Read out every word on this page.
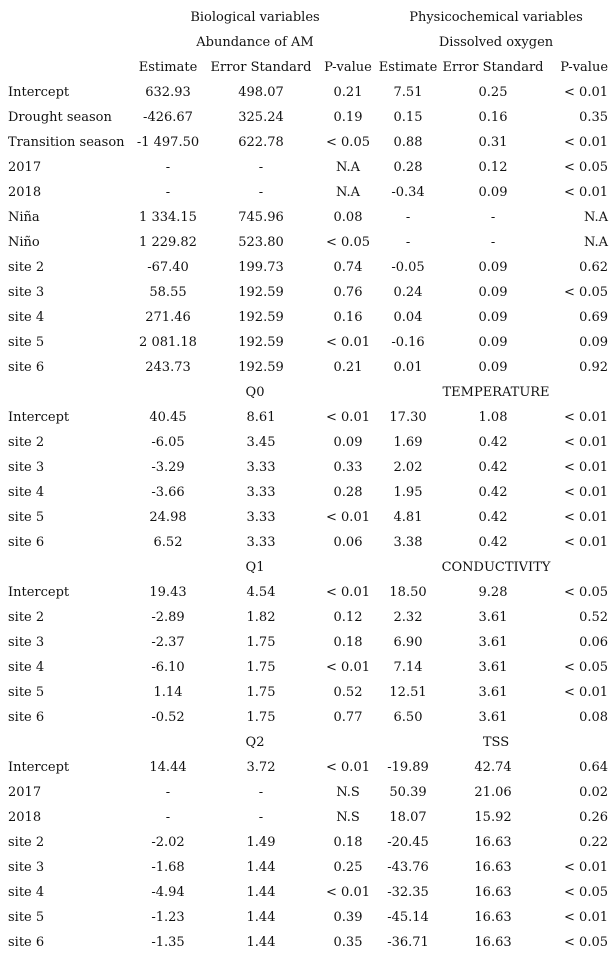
	Biological variables			Physicochemical variables		
	Abundance of AM			Dissolved oxygen		
	Estimate	Error Standard	P-value	Estimate	Error Standard	P-value
Intercept	632.93	498.07	0.21	7.51	0.25	< 0.01
Drought season	-426.67	325.24	0.19	0.15	0.16	0.35
Transition season	-1 497.50	622.78	< 0.05	0.88	0.31	< 0.01
2017	-	-	N.A	0.28	0.12	< 0.05
2018	-	-	N.A	-0.34	0.09	< 0.01
Niña	1 334.15	745.96	0.08	-	-	N.A
Niño	1 229.82	523.80	< 0.05	-	-	N.A
site 2	-67.40	199.73	0.74	-0.05	0.09	0.62
site 3	58.55	192.59	0.76	0.24	0.09	< 0.05
site 4	271.46	192.59	0.16	0.04	0.09	0.69
site 5	2 081.18	192.59	< 0.01	-0.16	0.09	0.09
site 6	243.73	192.59	0.21	0.01	0.09	0.92
	Q0			TEMPERATURE		
Intercept	40.45	8.61	< 0.01	17.30	1.08	< 0.01
site 2	-6.05	3.45	0.09	1.69	0.42	< 0.01
site 3	-3.29	3.33	0.33	2.02	0.42	< 0.01
site 4	-3.66	3.33	0.28	1.95	0.42	< 0.01
site 5	24.98	3.33	< 0.01	4.81	0.42	< 0.01
site 6	6.52	3.33	0.06	3.38	0.42	< 0.01
	Q1			CONDUCTIVITY		
Intercept	19.43	4.54	< 0.01	18.50	9.28	< 0.05
site 2	-2.89	1.82	0.12	2.32	3.61	0.52
site 3	-2.37	1.75	0.18	6.90	3.61	0.06
site 4	-6.10	1.75	< 0.01	7.14	3.61	< 0.05
site 5	1.14	1.75	0.52	12.51	3.61	< 0.01
site 6	-0.52	1.75	0.77	6.50	3.61	0.08
	Q2			TSS		
Intercept	14.44	3.72	< 0.01	-19.89	42.74	0.64
2017	-	-	N.S	50.39	21.06	0.02
2018	-	-	N.S	18.07	15.92	0.26
site 2	-2.02	1.49	0.18	-20.45	16.63	0.22
site 3	-1.68	1.44	0.25	-43.76	16.63	< 0.01
site 4	-4.94	1.44	< 0.01	-32.35	16.63	< 0.05
site 5	-1.23	1.44	0.39	-45.14	16.63	< 0.01
site 6	-1.35	1.44	0.35	-36.71	16.63	< 0.05
